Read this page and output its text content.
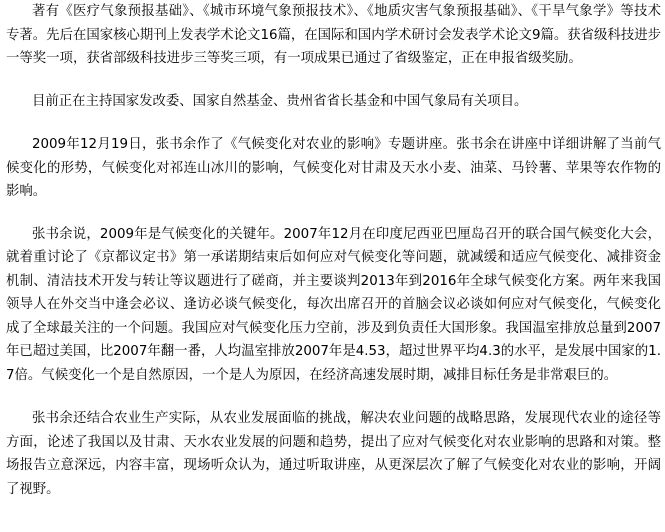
著有《医疗气象预报基础》、《城市环境气象预报技术》、《地质灾害气象预报基础》、《干旱气象学》等技术专著。先后在国家核心期刊上发表学术论文16篇，在国际和国内学术研讨会发表学术论文9篇。获省级科技进步一等奖一项，获省部级科技进步三等奖三项，有一项成果已通过了省级鉴定，正在申报省级奖励。

目前正在主持国家发改委、国家自然基金、贵州省省长基金和中国气象局有关项目。

2009年12月19日，张书余作了《气候变化对农业的影响》专题讲座。张书余在讲座中详细讲解了当前气候变化的形势，气候变化对祁连山冰川的影响，气候变化对甘肃及天水小麦、油菜、马铃薯、苹果等农作物的影响。

张书余说，2009年是气候变化的关键年。2007年12月在印度尼西亚巴厘岛召开的联合国气候变化大会，就着重讨论了《京都议定书》第一承诺期结束后如何应对气候变化等问题，就减缓和适应气候变化、减排资金机制、清洁技术开发与转让等议题进行了磋商，并主要谈判2013年到2016年全球气候变化方案。两年来我国领导人在外交当中逢会必议、逢访必谈气候变化，每次出席召开的首脑会议必谈如何应对气候变化，气候变化成了全球最关注的一个问题。我国应对气候变化压力空前，涉及到负责任大国形象。我国温室排放总量到2007年已超过美国，比2007年翻一番，人均温室排放2007年是4.53，超过世界平均4.3的水平，是发展中国家的1.7倍。气候变化一个是自然原因，一个是人为原因，在经济高速发展时期，减排目标任务是非常艰巨的。

张书余还结合农业生产实际，从农业发展面临的挑战，解决农业问题的战略思路，发展现代农业的途径等方面，论述了我国以及甘肃、天水农业发展的问题和趋势，提出了应对气候变化对农业影响的思路和对策。整场报告立意深远，内容丰富，现场听众认为，通过听取讲座，从更深层次了解了气候变化对农业的影响，开阔了视野。
